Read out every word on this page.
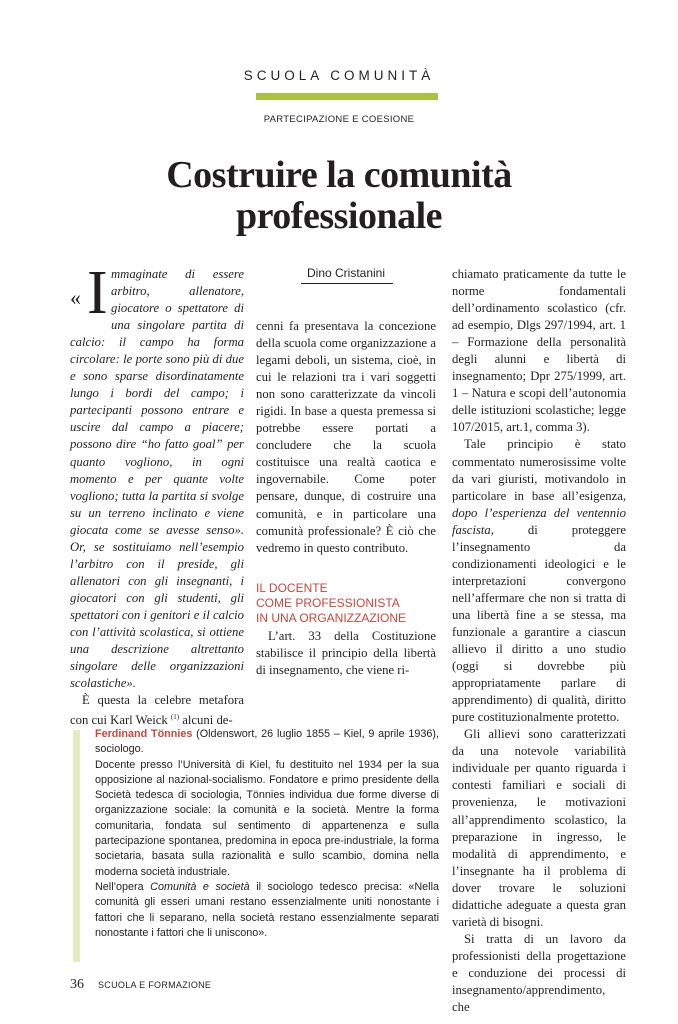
SCUOLA COMUNITÀ
PARTECIPAZIONE E COESIONE
Costruire la comunità
professionale

« I mmaginate di essere arbitro, allenatore, giocatore o spettatore di una singolare partita di calcio: il campo ha forma circolare: le porte sono più di due e sono sparse disordinatamente lungo i bordi del campo; i partecipanti possono entrare e uscire dal campo a piacere; possono dire “ho fatto goal” per quanto vogliono, in ogni momento e per quante volte vogliono; tutta la partita si svolge su un terreno inclinato e viene giocata come se avesse senso». Or, se sostituiamo nell’esempio l’arbitro con il preside, gli allenatori con gli insegnanti, i giocatori con gli studenti, gli spettatori con i genitori e il calcio con l’attività scolastica, si ottiene una descrizione altrettanto singolare delle organizzazioni scolastiche».

È questa la celebre metafora con cui Karl Weick $^{(1)}$ alcuni de-

Dino Cristanini

cenni fa presentava la concezione della scuola come organizzazione a legami deboli, un sistema, cioè, in cui le relazioni tra i vari soggetti non sono caratterizzate da vincoli rigidi. In base a questa premessa si potrebbe essere portati a concludere che la scuola costituisce una realtà caotica e ingovernabile. Come poter pensare, dunque, di costruire una comunità, e in particolare una comunità professionale? È ciò che vedremo in questo contributo.

IL DOCENTE
COME PROFESSIONISTA
IN UNA ORGANIZZAZIONE

L’art. 33 della Costituzione stabilisce il principio della libertà di insegnamento, che viene ri-

chiamato praticamente da tutte le norme fondamentali dell’ordinamento scolastico (cfr. ad esempio, Dlgs 297/1994, art. 1 – Formazione della personalità degli alunni e libertà di insegnamento; Dpr 275/1999, art. 1 – Natura e scopi dell’autonomia delle istituzioni scolastiche; legge 107/2015, art.1, comma 3).

Tale principio è stato commentato numerosissime volte da vari giuristi, motivandolo in particolare in base all’esigenza, dopo l’esperienza del ventennio fascista, di proteggere l’insegnamento da condizionamenti ideologici e le interpretazioni convergono nell’affermare che non si tratta di una libertà fine a se stessa, ma funzionale a garantire a ciascun allievo il diritto a uno studio (oggi si dovrebbe più appropriatamente parlare di apprendimento) di qualità, diritto pure costituzionalmente protetto.

Gli allievi sono caratterizzati da una notevole variabilità individuale per quanto riguarda i contesti familiari e sociali di provenienza, le motivazioni all’apprendimento scolastico, la preparazione in ingresso, le modalità di apprendimento, e l’insegnante ha il problema di dover trovare le soluzioni didattiche adeguate a questa gran varietà di bisogni.

Si tratta di un lavoro da professionisti della progettazione e conduzione dei processi di insegnamento/apprendimento, che

Ferdinand Tönnies (Oldenswort, 26 luglio 1855 – Kiel, 9 aprile 1936), sociologo.

Docente presso l’Università di Kiel, fu destituito nel 1934 per la sua opposizione al nazional-socialismo. Fondatore e primo presidente della Società tedesca di sociologia, Tönnies individua due forme diverse di organizzazione sociale: la comunità e la società. Mentre la forma comunitaria, fondata sul sentimento di appartenenza e sulla partecipazione spontanea, predomina in epoca pre-industriale, la forma societaria, basata sulla razionalità e sullo scambio, domina nella moderna società industriale.

Nell’opera Comunità e società il sociologo tedesco precisa: «Nella comunità gli esseri umani restano essenzialmente uniti nonostante i fattori che li separano, nella società restano essenzialmente separati nonostante i fattori che li uniscono».

36 SCUOLA E FORMAZIONE
